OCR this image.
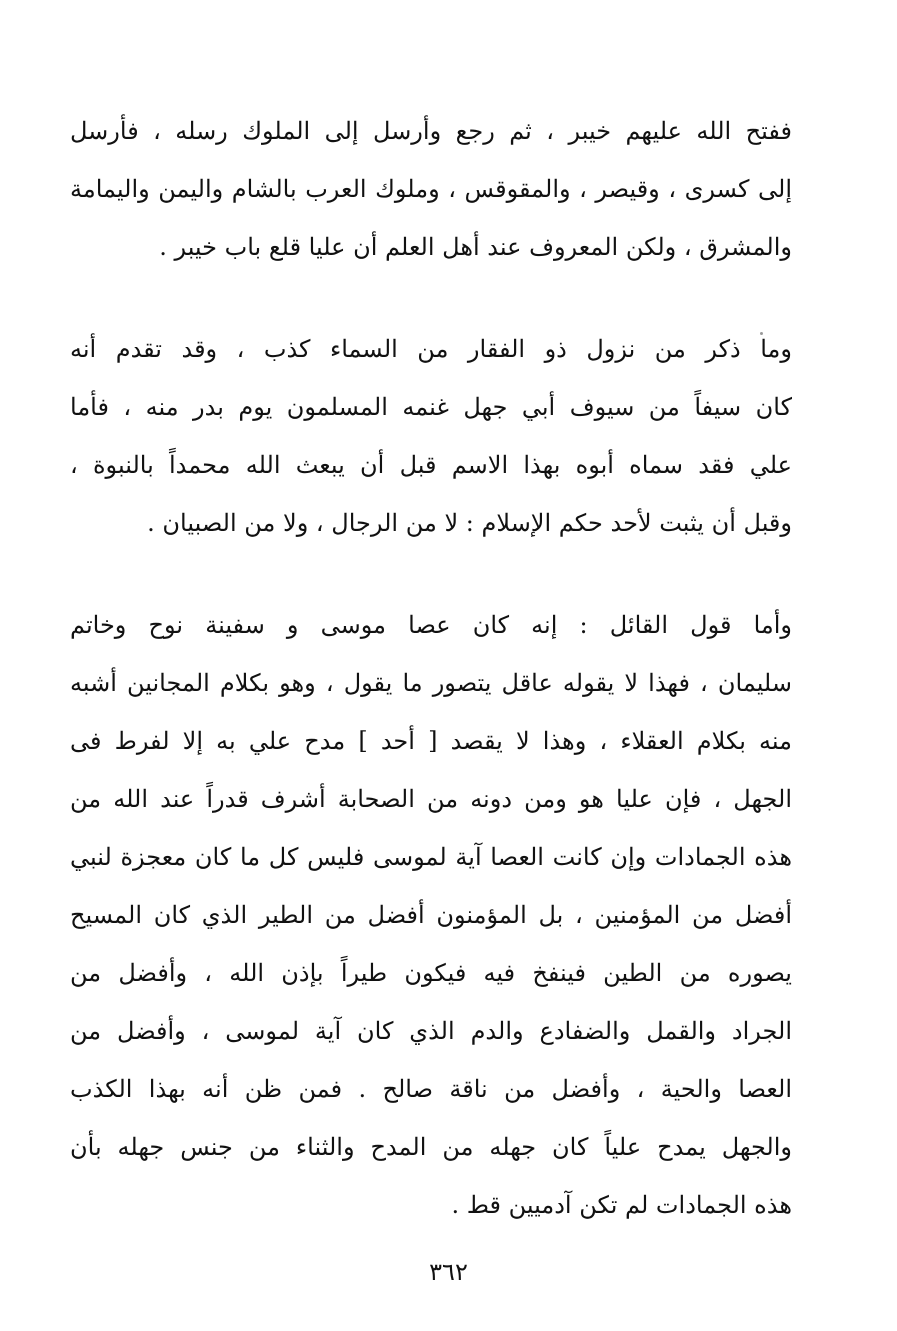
ففتح الله عليهم خيبر ، ثم رجع وأرسل إلى الملوك رسله ، فأرسل
إلى كسرى ، وقيصر ، والمقوقس ، وملوك العرب بالشام واليمن واليمامة
والمشرق ، ولكن المعروف عند أهل العلم أن عليا قلع باب خيبر .
وما ذكر من نزول ذو الفقار من السماء كذب ، وقد تقدم أنه
كان سيفاً من سيوف أبي جهل غنمه المسلمون يوم بدر منه ، فأما
علي فقد سماه أبوه بهذا الاسم قبل أن يبعث الله محمداً بالنبوة ،
وقبل أن يثبت لأحد حكم الإسلام : لا من الرجال ، ولا من الصبيان .
وأما قول القائل : إنه كان عصا موسى و سفينة نوح وخاتم
سليمان ، فهذا لا يقوله عاقل يتصور ما يقول ، وهو بكلام المجانين أشبه
منه بكلام العقلاء ، وهذا لا يقصد [ أحد ] مدح علي به إلا لفرط فى
الجهل ، فإن عليا هو ومن دونه من الصحابة أشرف قدراً عند الله من
هذه الجمادات وإن كانت العصا آية لموسى فليس كل ما كان معجزة لنبي
أفضل من المؤمنين ، بل المؤمنون أفضل من الطير الذي كان المسيح
يصوره من الطين فينفخ فيه فيكون طيراً بإذن الله ، وأفضل من
الجراد والقمل والضفادع والدم الذي كان آية لموسى ، وأفضل من
العصا والحية ، وأفضل من ناقة صالح . فمن ظن أنه بهذا الكذب
والجهل يمدح علياً كان جهله من المدح والثناء من جنس جهله بأن
هذه الجمادات لم تكن آدميين قط .
٣٦٢
